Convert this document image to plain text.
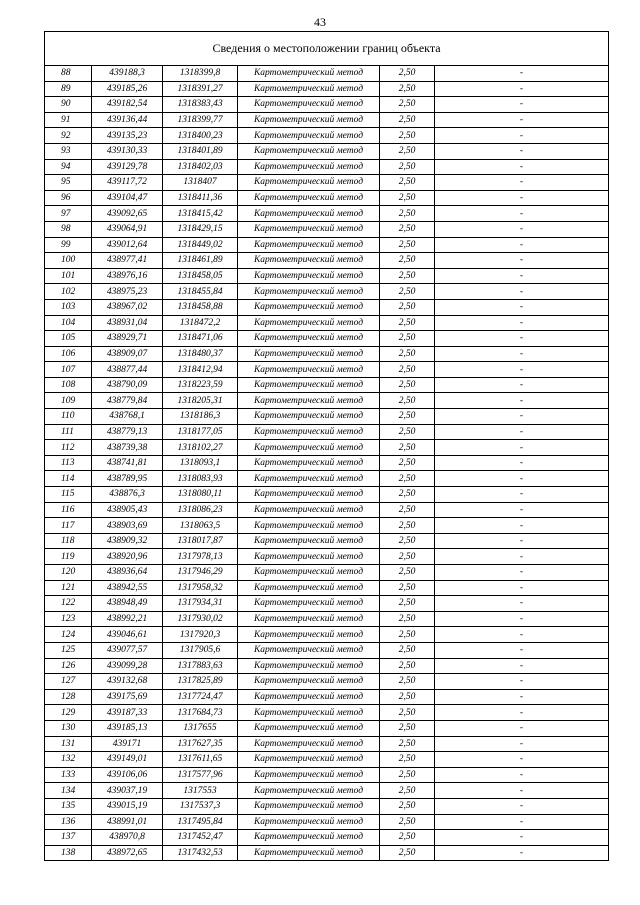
43
Сведения о местоположении границ объекта					
88	439188,3	1318399,8	Картометрический метод	2,50	-
89	439185,26	1318391,27	Картометрический метод	2,50	-
90	439182,54	1318383,43	Картометрический метод	2,50	-
91	439136,44	1318399,77	Картометрический метод	2,50	-
92	439135,23	1318400,23	Картометрический метод	2,50	-
93	439130,33	1318401,89	Картометрический метод	2,50	-
94	439129,78	1318402,03	Картометрический метод	2,50	-
95	439117,72	1318407	Картометрический метод	2,50	-
96	439104,47	1318411,36	Картометрический метод	2,50	-
97	439092,65	1318415,42	Картометрический метод	2,50	-
98	439064,91	1318429,15	Картометрический метод	2,50	-
99	439012,64	1318449,02	Картометрический метод	2,50	-
100	438977,41	1318461,89	Картометрический метод	2,50	-
101	438976,16	1318458,05	Картометрический метод	2,50	-
102	438975,23	1318455,84	Картометрический метод	2,50	-
103	438967,02	1318458,88	Картометрический метод	2,50	-
104	438931,04	1318472,2	Картометрический метод	2,50	-
105	438929,71	1318471,06	Картометрический метод	2,50	-
106	438909,07	1318480,37	Картометрический метод	2,50	-
107	438877,44	1318412,94	Картометрический метод	2,50	-
108	438790,09	1318223,59	Картометрический метод	2,50	-
109	438779,84	1318205,31	Картометрический метод	2,50	-
110	438768,1	1318186,3	Картометрический метод	2,50	-
111	438779,13	1318177,05	Картометрический метод	2,50	-
112	438739,38	1318102,27	Картометрический метод	2,50	-
113	438741,81	1318093,1	Картометрический метод	2,50	-
114	438789,95	1318083,93	Картометрический метод	2,50	-
115	438876,3	1318080,11	Картометрический метод	2,50	-
116	438905,43	1318086,23	Картометрический метод	2,50	-
117	438903,69	1318063,5	Картометрический метод	2,50	-
118	438909,32	1318017,87	Картометрический метод	2,50	-
119	438920,96	1317978,13	Картометрический метод	2,50	-
120	438936,64	1317946,29	Картометрический метод	2,50	-
121	438942,55	1317958,32	Картометрический метод	2,50	-
122	438948,49	1317934,31	Картометрический метод	2,50	-
123	438992,21	1317930,02	Картометрический метод	2,50	-
124	439046,61	1317920,3	Картометрический метод	2,50	-
125	439077,57	1317905,6	Картометрический метод	2,50	-
126	439099,28	1317883,63	Картометрический метод	2,50	-
127	439132,68	1317825,89	Картометрический метод	2,50	-
128	439175,69	1317724,47	Картометрический метод	2,50	-
129	439187,33	1317684,73	Картометрический метод	2,50	-
130	439185,13	1317655	Картометрический метод	2,50	-
131	439171	1317627,35	Картометрический метод	2,50	-
132	439149,01	1317611,65	Картометрический метод	2,50	-
133	439106,06	1317577,96	Картометрический метод	2,50	-
134	439037,19	1317553	Картометрический метод	2,50	-
135	439015,19	1317537,3	Картометрический метод	2,50	-
136	438991,01	1317495,84	Картометрический метод	2,50	-
137	438970,8	1317452,47	Картометрический метод	2,50	-
138	438972,65	1317432,53	Картометрический метод	2,50	-
